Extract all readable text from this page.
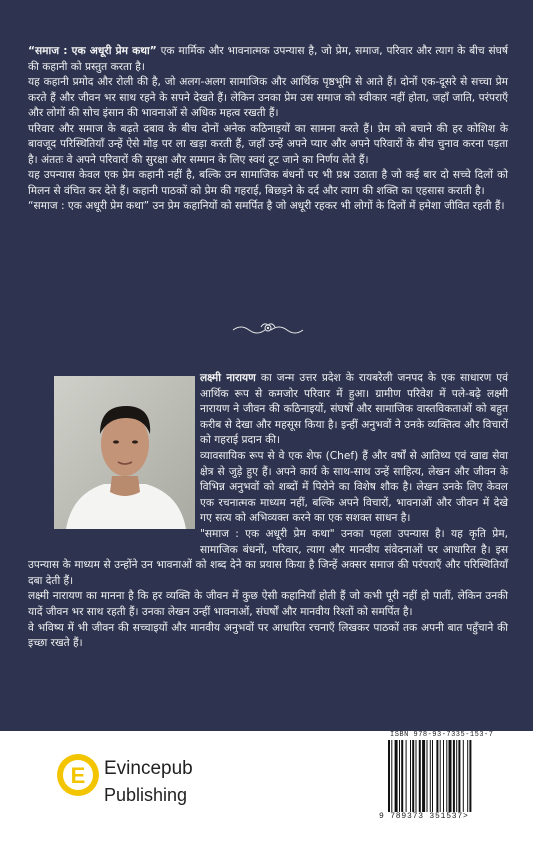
“समाज : एक अधूरी प्रेम कथा” एक मार्मिक और भावनात्मक उपन्यास है, जो प्रेम, समाज, परिवार और त्याग के बीच संघर्ष की कहानी को प्रस्तुत करता है।

यह कहानी प्रमोद और रोली की है, जो अलग-अलग सामाजिक और आर्थिक पृष्ठभूमि से आते हैं। दोनों एक-दूसरे से सच्चा प्रेम करते हैं और जीवन भर साथ रहने के सपने देखते हैं। लेकिन उनका प्रेम उस समाज को स्वीकार नहीं होता, जहाँ जाति, परंपराएँ और लोगों की सोच इंसान की भावनाओं से अधिक महत्व रखती हैं।

परिवार और समाज के बढ़ते दबाव के बीच दोनों अनेक कठिनाइयों का सामना करते हैं। प्रेम को बचाने की हर कोशिश के बावजूद परिस्थितियाँ उन्हें ऐसे मोड़ पर ला खड़ा करती हैं, जहाँ उन्हें अपने प्यार और अपने परिवारों के बीच चुनाव करना पड़ता है। अंततः वे अपने परिवारों की सुरक्षा और सम्मान के लिए स्वयं टूट जाने का निर्णय लेते हैं।

यह उपन्यास केवल एक प्रेम कहानी नहीं है, बल्कि उन सामाजिक बंधनों पर भी प्रश्न उठाता है जो कई बार दो सच्चे दिलों को मिलन से वंचित कर देते हैं। कहानी पाठकों को प्रेम की गहराई, बिछड़ने के दर्द और त्याग की शक्ति का एहसास कराती है।

“समाज : एक अधूरी प्रेम कथा” उन प्रेम कहानियों को समर्पित है जो अधूरी रहकर भी लोगों के दिलों में हमेशा जीवित रहती हैं।

लक्ष्मी नारायण का जन्म उत्तर प्रदेश के रायबरेली जनपद के एक साधारण एवं आर्थिक रूप से कमजोर परिवार में हुआ। ग्रामीण परिवेश में पले-बढ़े लक्ष्मी नारायण ने जीवन की कठिनाइयों, संघर्षों और सामाजिक वास्तविकताओं को बहुत करीब से देखा और महसूस किया है। इन्हीं अनुभवों ने उनके व्यक्तित्व और विचारों को गहराई प्रदान की।

व्यावसायिक रूप से वे एक शेफ (Chef) हैं और वर्षों से आतिथ्य एवं खाद्य सेवा क्षेत्र से जुड़े हुए हैं। अपने कार्य के साथ-साथ उन्हें साहित्य, लेखन और जीवन के विभिन्न अनुभवों को शब्दों में पिरोने का विशेष शौक है। लेखन उनके लिए केवल एक रचनात्मक माध्यम नहीं, बल्कि अपने विचारों, भावनाओं और जीवन में देखे गए सत्य को अभिव्यक्त करने का एक सशक्त साधन है।

"समाज : एक अधूरी प्रेम कथा" उनका पहला उपन्यास है। यह कृति प्रेम, सामाजिक बंधनों, परिवार, त्याग और मानवीय संवेदनाओं पर आधारित है। इस उपन्यास के माध्यम से उन्होंने उन भावनाओं को शब्द देने का प्रयास किया है जिन्हें अक्सर समाज की परंपराएँ और परिस्थितियाँ दबा देती हैं।

लक्ष्मी नारायण का मानना है कि हर व्यक्ति के जीवन में कुछ ऐसी कहानियाँ होती हैं जो कभी पूरी नहीं हो पातीं, लेकिन उनकी यादें जीवन भर साथ रहती हैं। उनका लेखन उन्हीं भावनाओं, संघर्षों और मानवीय रिश्तों को समर्पित है।

वे भविष्य में भी जीवन की सच्चाइयों और मानवीय अनुभवों पर आधारित रचनाएँ लिखकर पाठकों तक अपनी बात पहुँचाने की इच्छा रखते हैं।

E Evincepub
Publishing
ISBN 978-93-7335-153-7
9 789373 351537>
